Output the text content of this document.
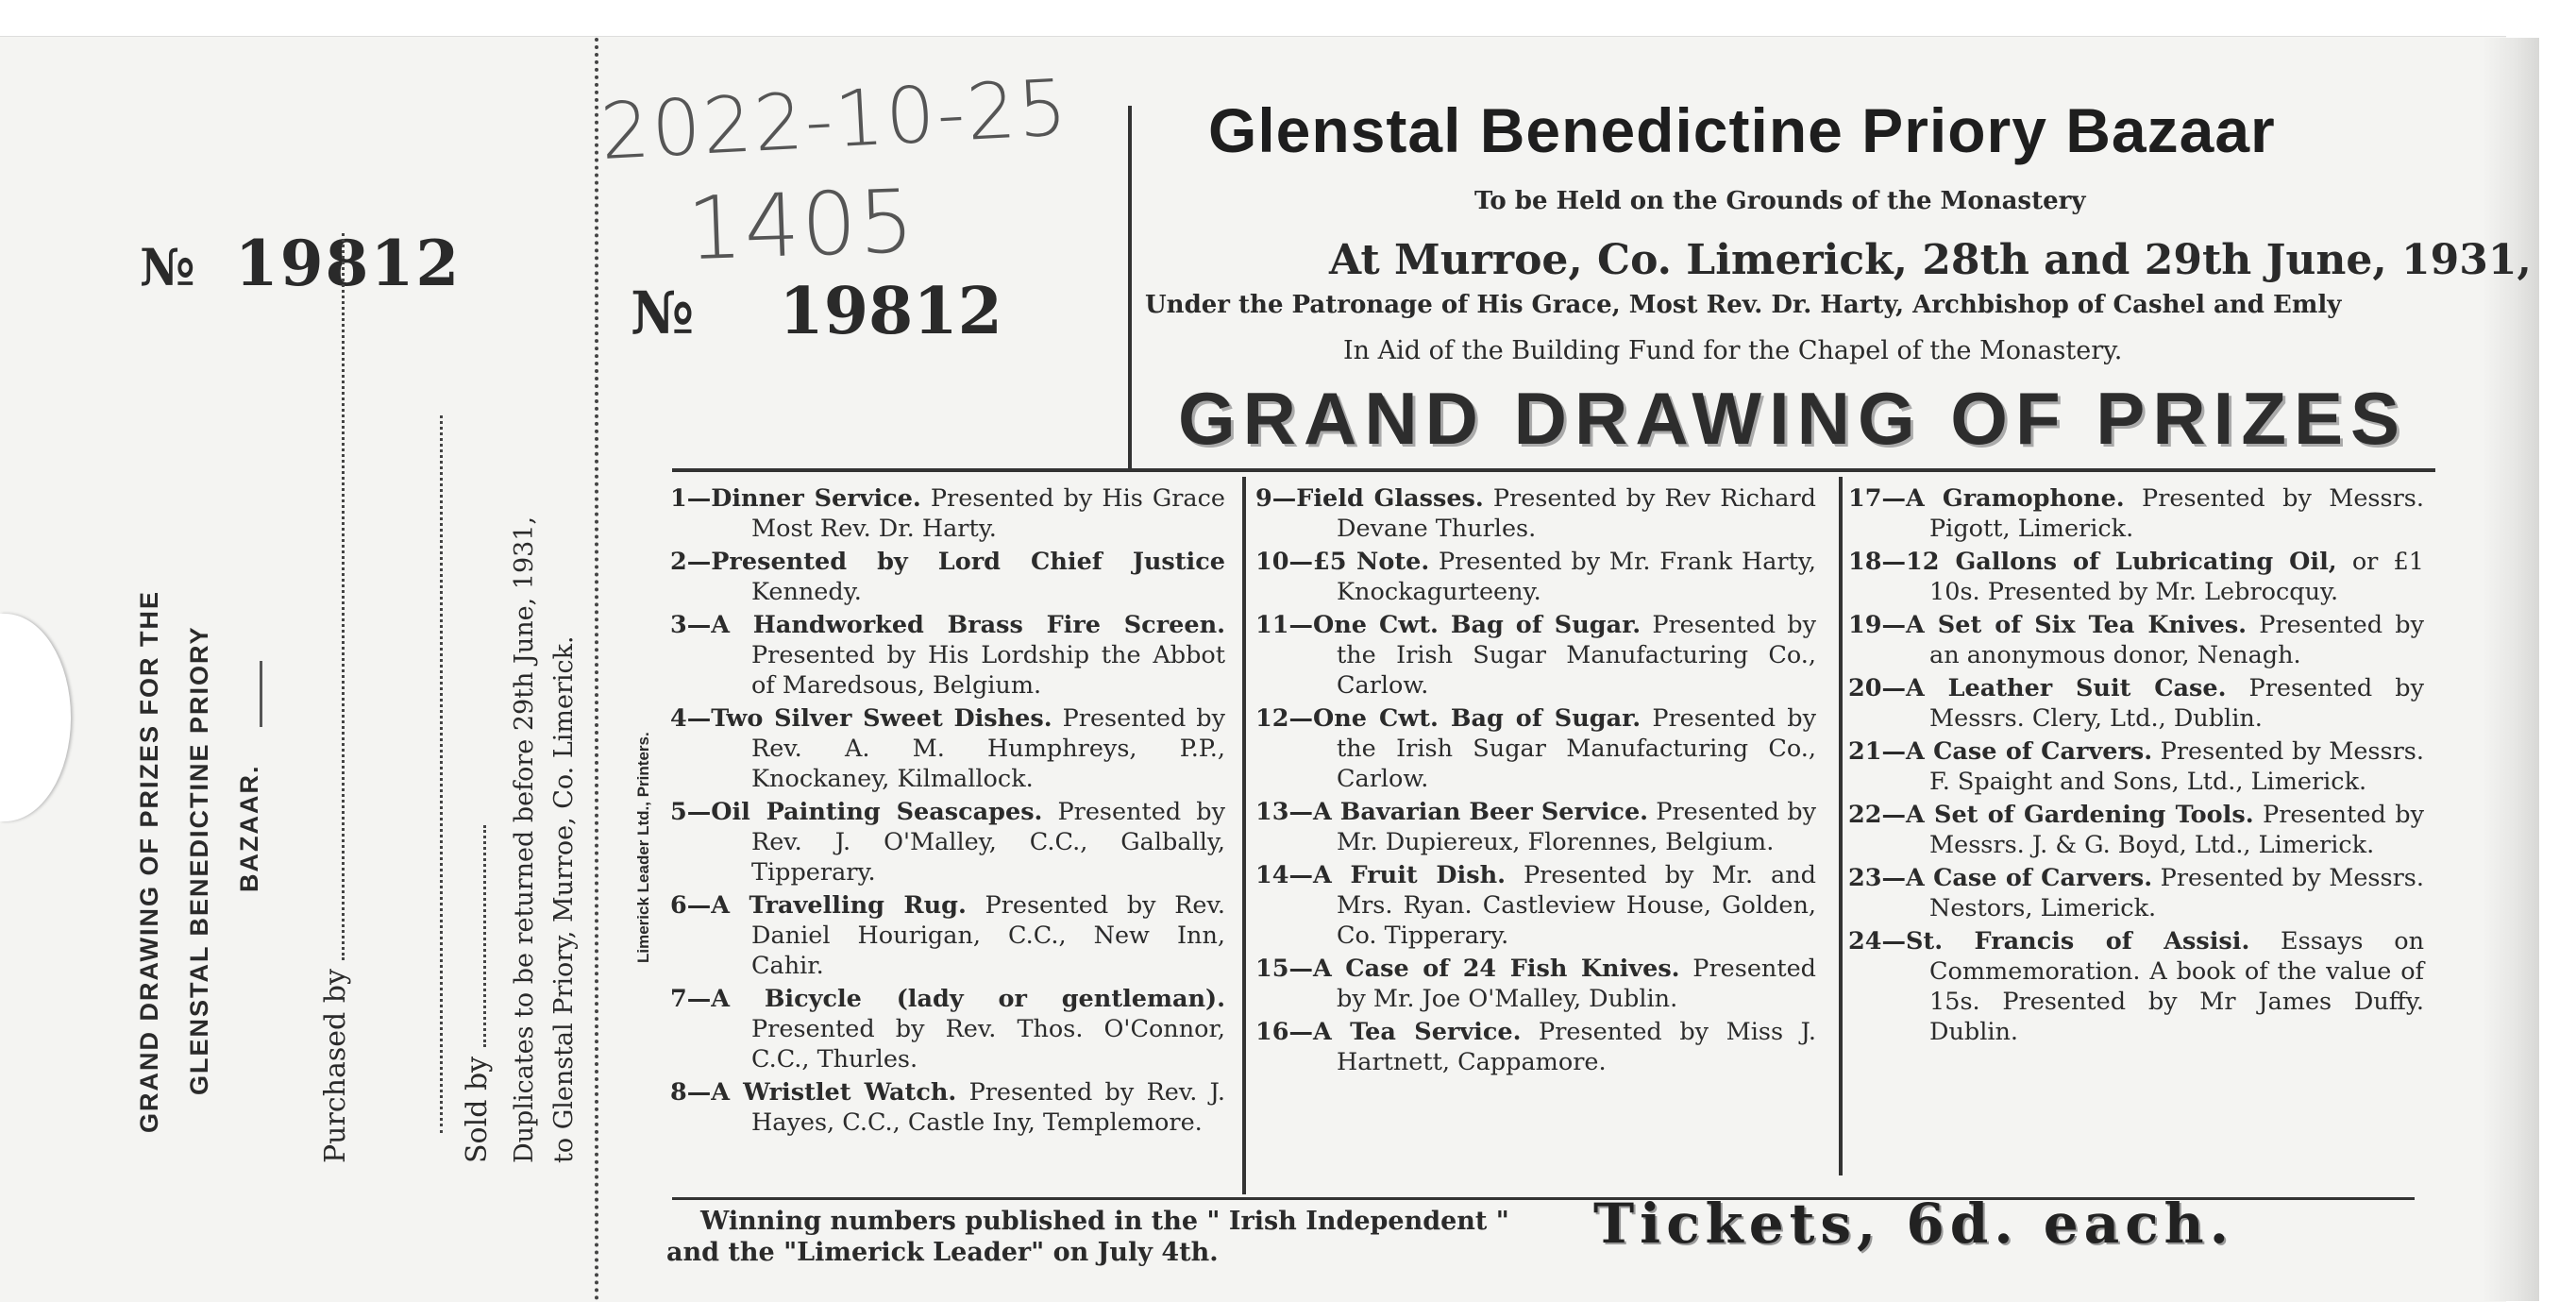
№ 19812
GRAND DRAWING OF PRIZES FOR THE GLENSTAL BENEDICTINE PRIORY BAZAAR.
Purchased by	Sold by Duplicates to be returned before 29th June, 1931, to Glenstal Priory, Murroe, Co. Limerick.
2022-10-25
1405
№ 19812
Glenstal Benedictine Priory Bazaar
To be Held on the Grounds of the Monastery
At Murroe, Co. Limerick, 28th and 29th June, 1931,
Under the Patronage of His Grace, Most Rev. Dr. Harty, Archbishop of Cashel and Emly
In Aid of the Building Fund for the Chapel of the Monastery.
GRAND DRAWING OF PRIZES
Limerick Leader Ltd., Printers.
1—Dinner Service. Presented by His Grace Most Rev. Dr. Harty.
2—Presented by Lord Chief Justice Kennedy.
3—A Handworked Brass Fire Screen. Presented by His Lordship the Abbot of Maredsous, Belgium.
4—Two Silver Sweet Dishes. Presented by Rev. A. M. Humphreys, P.P., Knockaney, Kilmallock.
5—Oil Painting Seascapes. Presented by Rev. J. O'Malley, C.C., Galbally, Tipperary.
6—A Travelling Rug. Presented by Rev. Daniel Hourigan, C.C., New Inn, Cahir.
7—A Bicycle (lady or gentleman). Presented by Rev. Thos. O'Connor, C.C., Thurles.
8—A Wristlet Watch. Presented by Rev. J. Hayes, C.C., Castle Iny, Templemore.
9—Field Glasses. Presented by Rev Richard Devane Thurles.
10—£5 Note. Presented by Mr. Frank Harty, Knockagurteeny.
11—One Cwt. Bag of Sugar. Presented by the Irish Sugar Manufacturing Co., Carlow.
12—One Cwt. Bag of Sugar. Presented by the Irish Sugar Manufacturing Co., Carlow.
13—A Bavarian Beer Service. Presented by Mr. Dupiereux, Florennes, Belgium.
14—A Fruit Dish. Presented by Mr. and Mrs. Ryan. Castleview House, Golden, Co. Tipperary.
15—A Case of 24 Fish Knives. Presented by Mr. Joe O'Malley, Dublin.
16—A Tea Service. Presented by Miss J. Hartnett, Cappamore.
17—A Gramophone. Presented by Messrs. Pigott, Limerick.
18—12 Gallons of Lubricating Oil, or £1 10s. Presented by Mr. Lebrocquy.
19—A Set of Six Tea Knives. Presented by an anonymous donor, Nenagh.
20—A Leather Suit Case. Presented by Messrs. Clery, Ltd., Dublin.
21—A Case of Carvers. Presented by Messrs. F. Spaight and Sons, Ltd., Limerick.
22—A Set of Gardening Tools. Presented by Messrs. J. & G. Boyd, Ltd., Limerick.
23—A Case of Carvers. Presented by Messrs. Nestors, Limerick.
24—St. Francis of Assisi. Essays on Commemoration. A book of the value of 15s. Presented by Mr James Duffy. Dublin.
Winning numbers published in the " Irish Independent "
and the "Limerick Leader" on July 4th.	Tickets, 6d. each.
